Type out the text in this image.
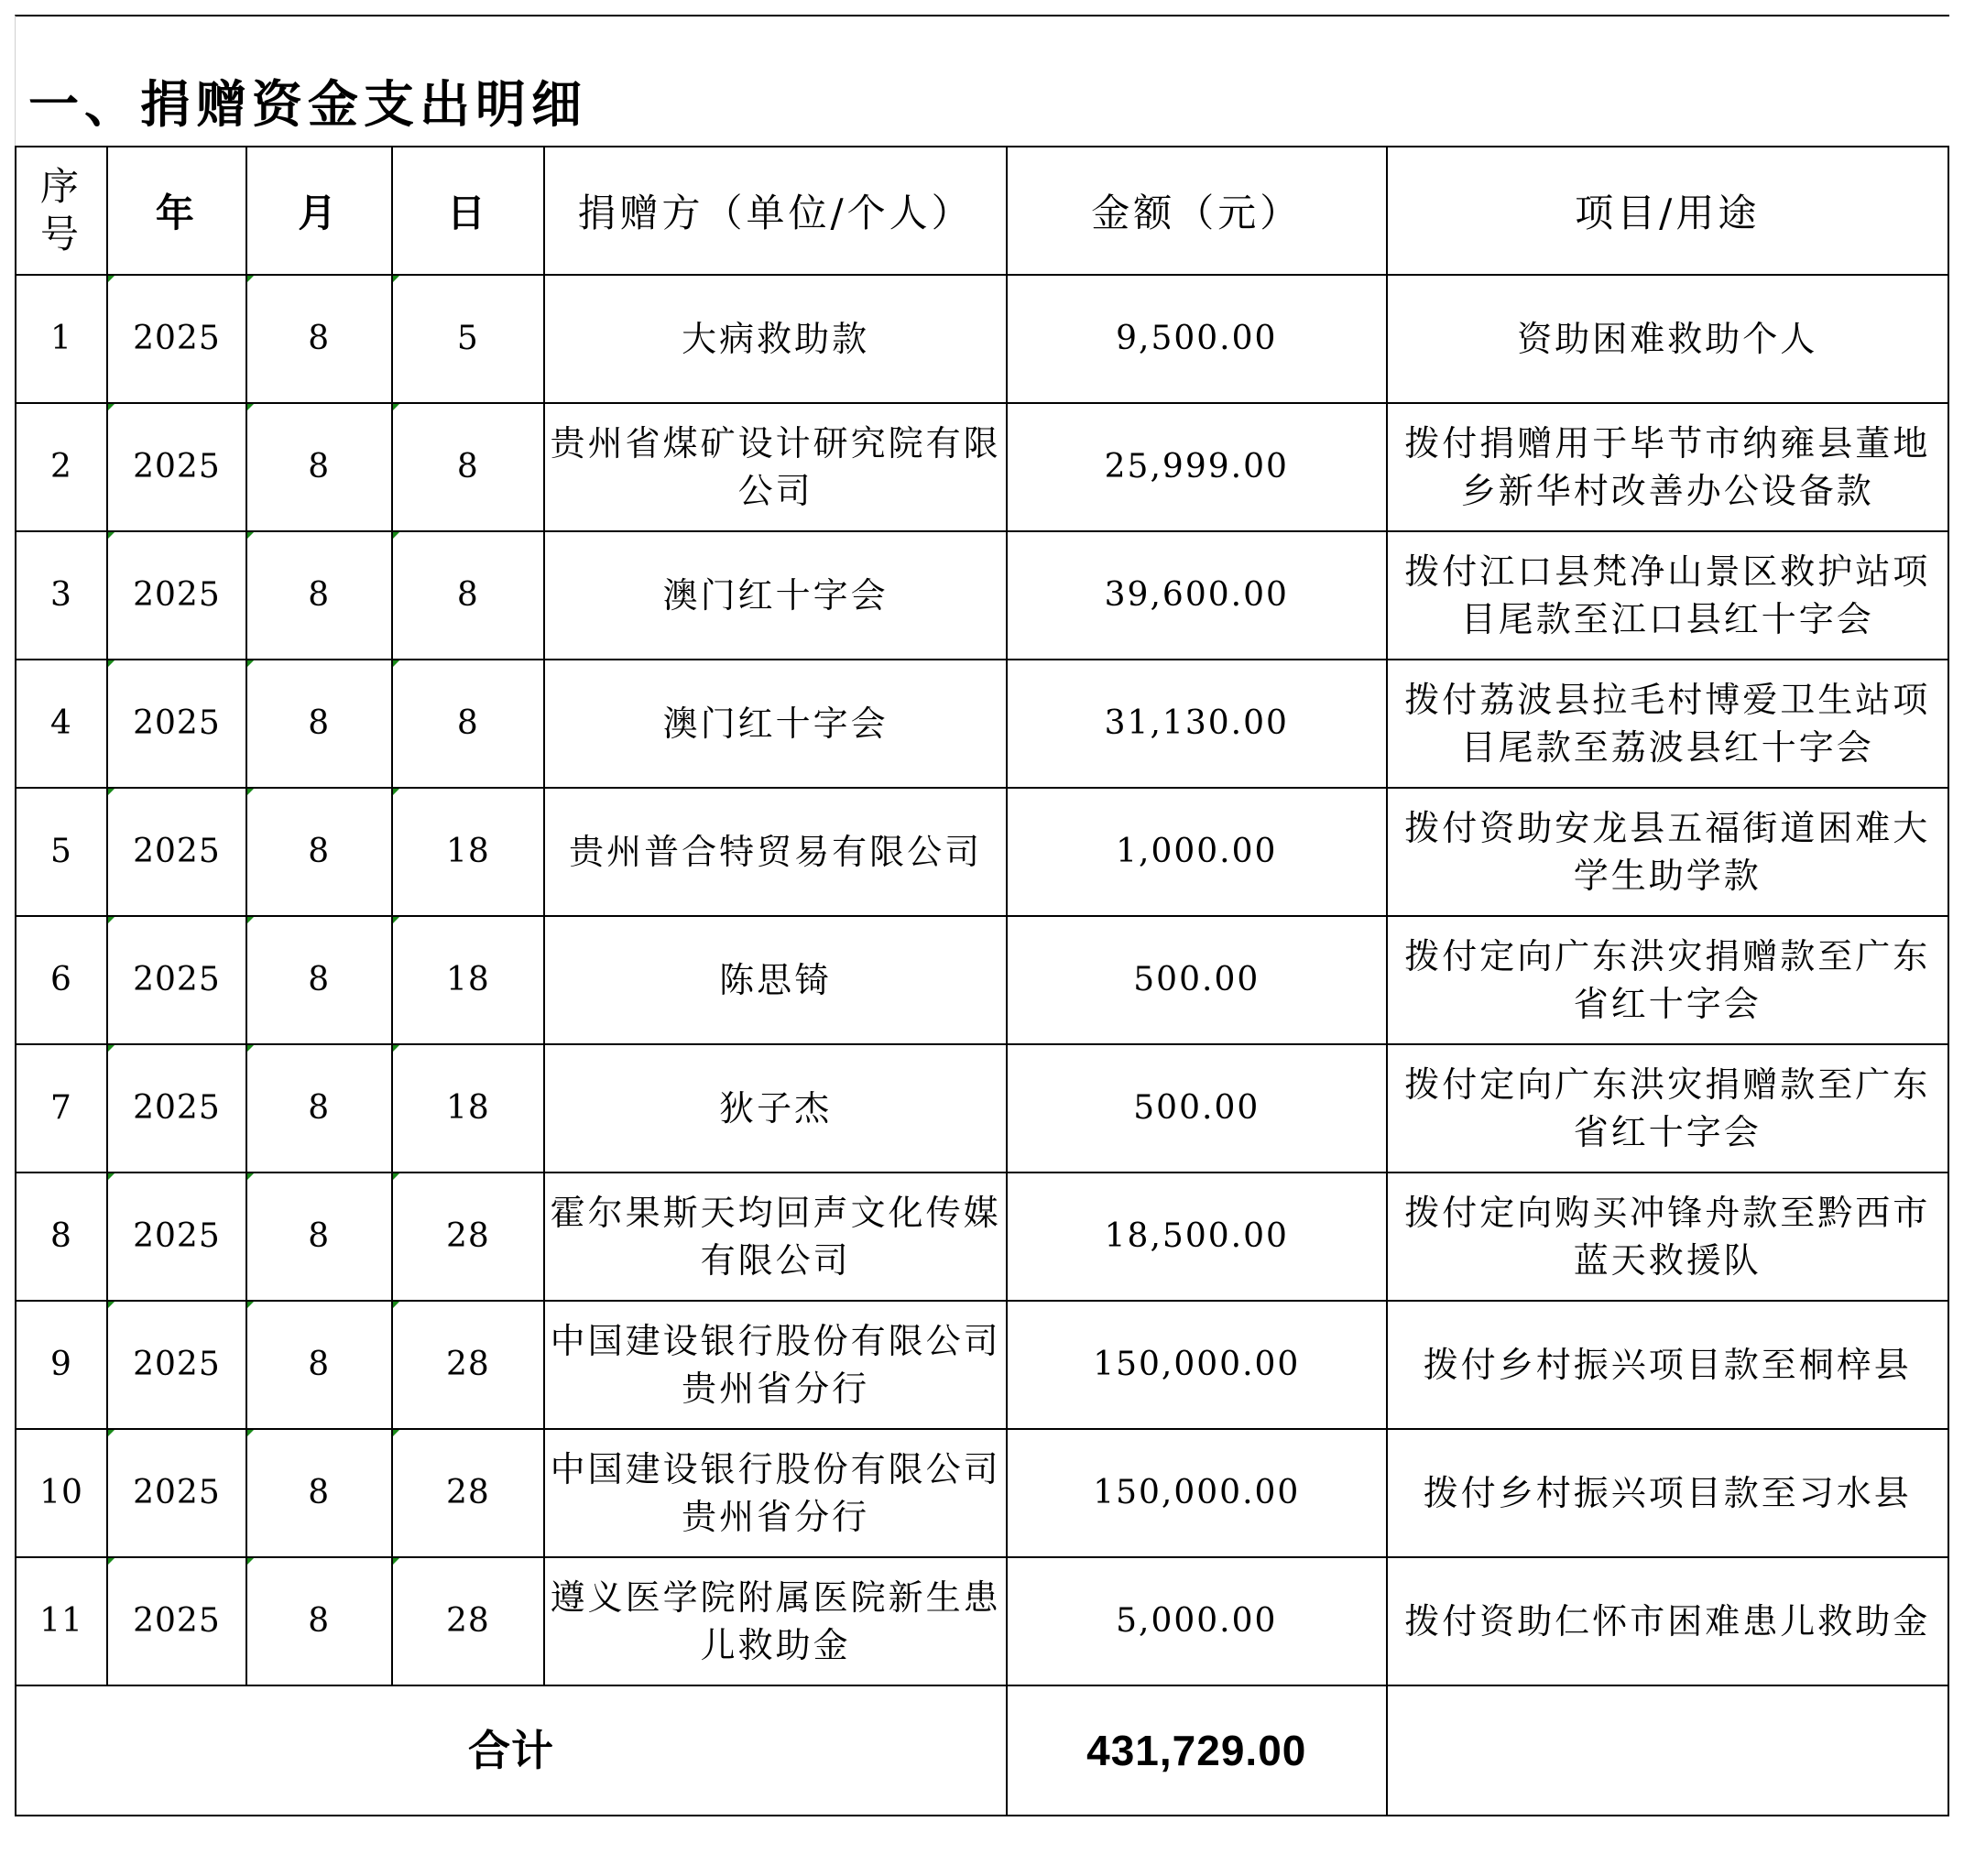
一、捐赠资金支出明细
序号	年	月	日	捐赠方（单位/个人）	金额（元）	项目/用途
1	2025	8	5	大病救助款	9,500.00	资助困难救助个人
2	2025	8	8	贵州省煤矿设计研究院有限公司	25,999.00	拨付捐赠用于毕节市纳雍县董地乡新华村改善办公设备款
3	2025	8	8	澳门红十字会	39,600.00	拨付江口县梵净山景区救护站项目尾款至江口县红十字会
4	2025	8	8	澳门红十字会	31,130.00	拨付荔波县拉毛村博爱卫生站项目尾款至荔波县红十字会
5	2025	8	18	贵州普合特贸易有限公司	1,000.00	拨付资助安龙县五福街道困难大学生助学款
6	2025	8	18	陈思锜	500.00	拨付定向广东洪灾捐赠款至广东省红十字会
7	2025	8	18	狄子杰	500.00	拨付定向广东洪灾捐赠款至广东省红十字会
8	2025	8	28	霍尔果斯天均回声文化传媒有限公司	18,500.00	拨付定向购买冲锋舟款至黔西市蓝天救援队
9	2025	8	28	中国建设银行股份有限公司贵州省分行	150,000.00	拨付乡村振兴项目款至桐梓县
10	2025	8	28	中国建设银行股份有限公司贵州省分行	150,000.00	拨付乡村振兴项目款至习水县
11	2025	8	28	遵义医学院附属医院新生患儿救助金	5,000.00	拨付资助仁怀市困难患儿救助金
合计					431,729.00	
